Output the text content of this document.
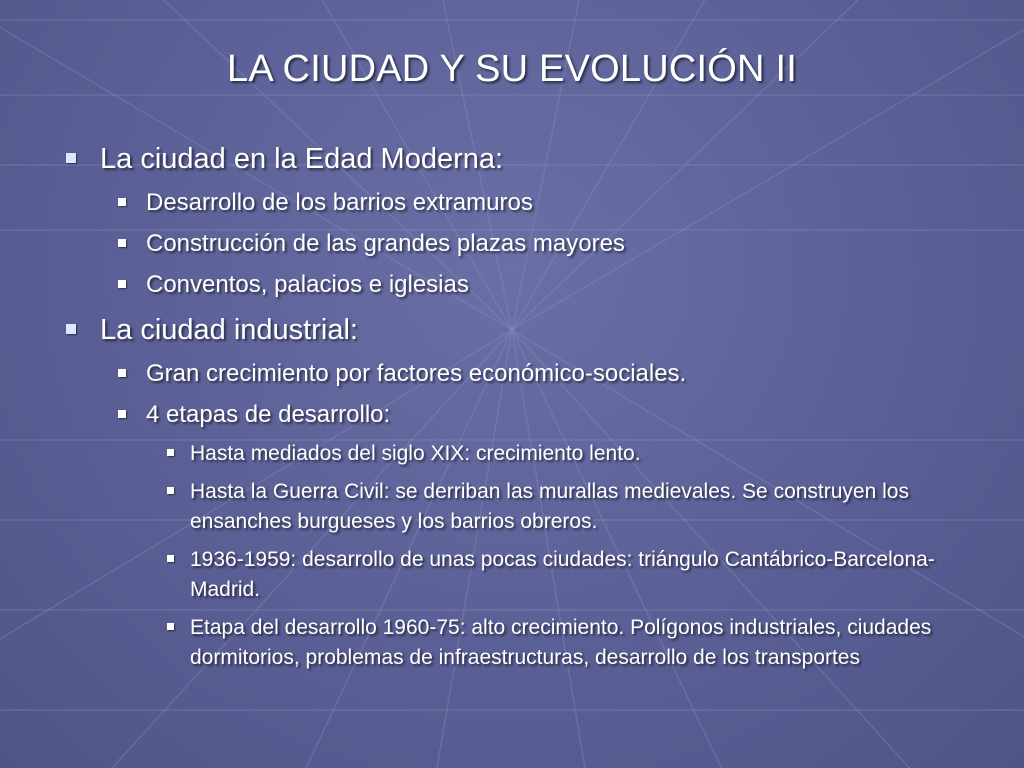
LA CIUDAD Y SU EVOLUCIÓN II
La ciudad en la Edad Moderna:
Desarrollo de los barrios extramuros
Construcción de las grandes plazas mayores
Conventos, palacios e iglesias
La ciudad industrial:
Gran crecimiento por factores económico-sociales.
4 etapas de desarrollo:
Hasta mediados del siglo XIX: crecimiento lento.
Hasta la Guerra Civil: se derriban las murallas medievales. Se construyen los ensanches burgueses y los barrios obreros.
1936-1959: desarrollo de unas pocas ciudades: triángulo Cantábrico-Barcelona-Madrid.
Etapa del desarrollo 1960-75: alto crecimiento. Polígonos industriales, ciudades dormitorios, problemas de infraestructuras, desarrollo de los transportes
